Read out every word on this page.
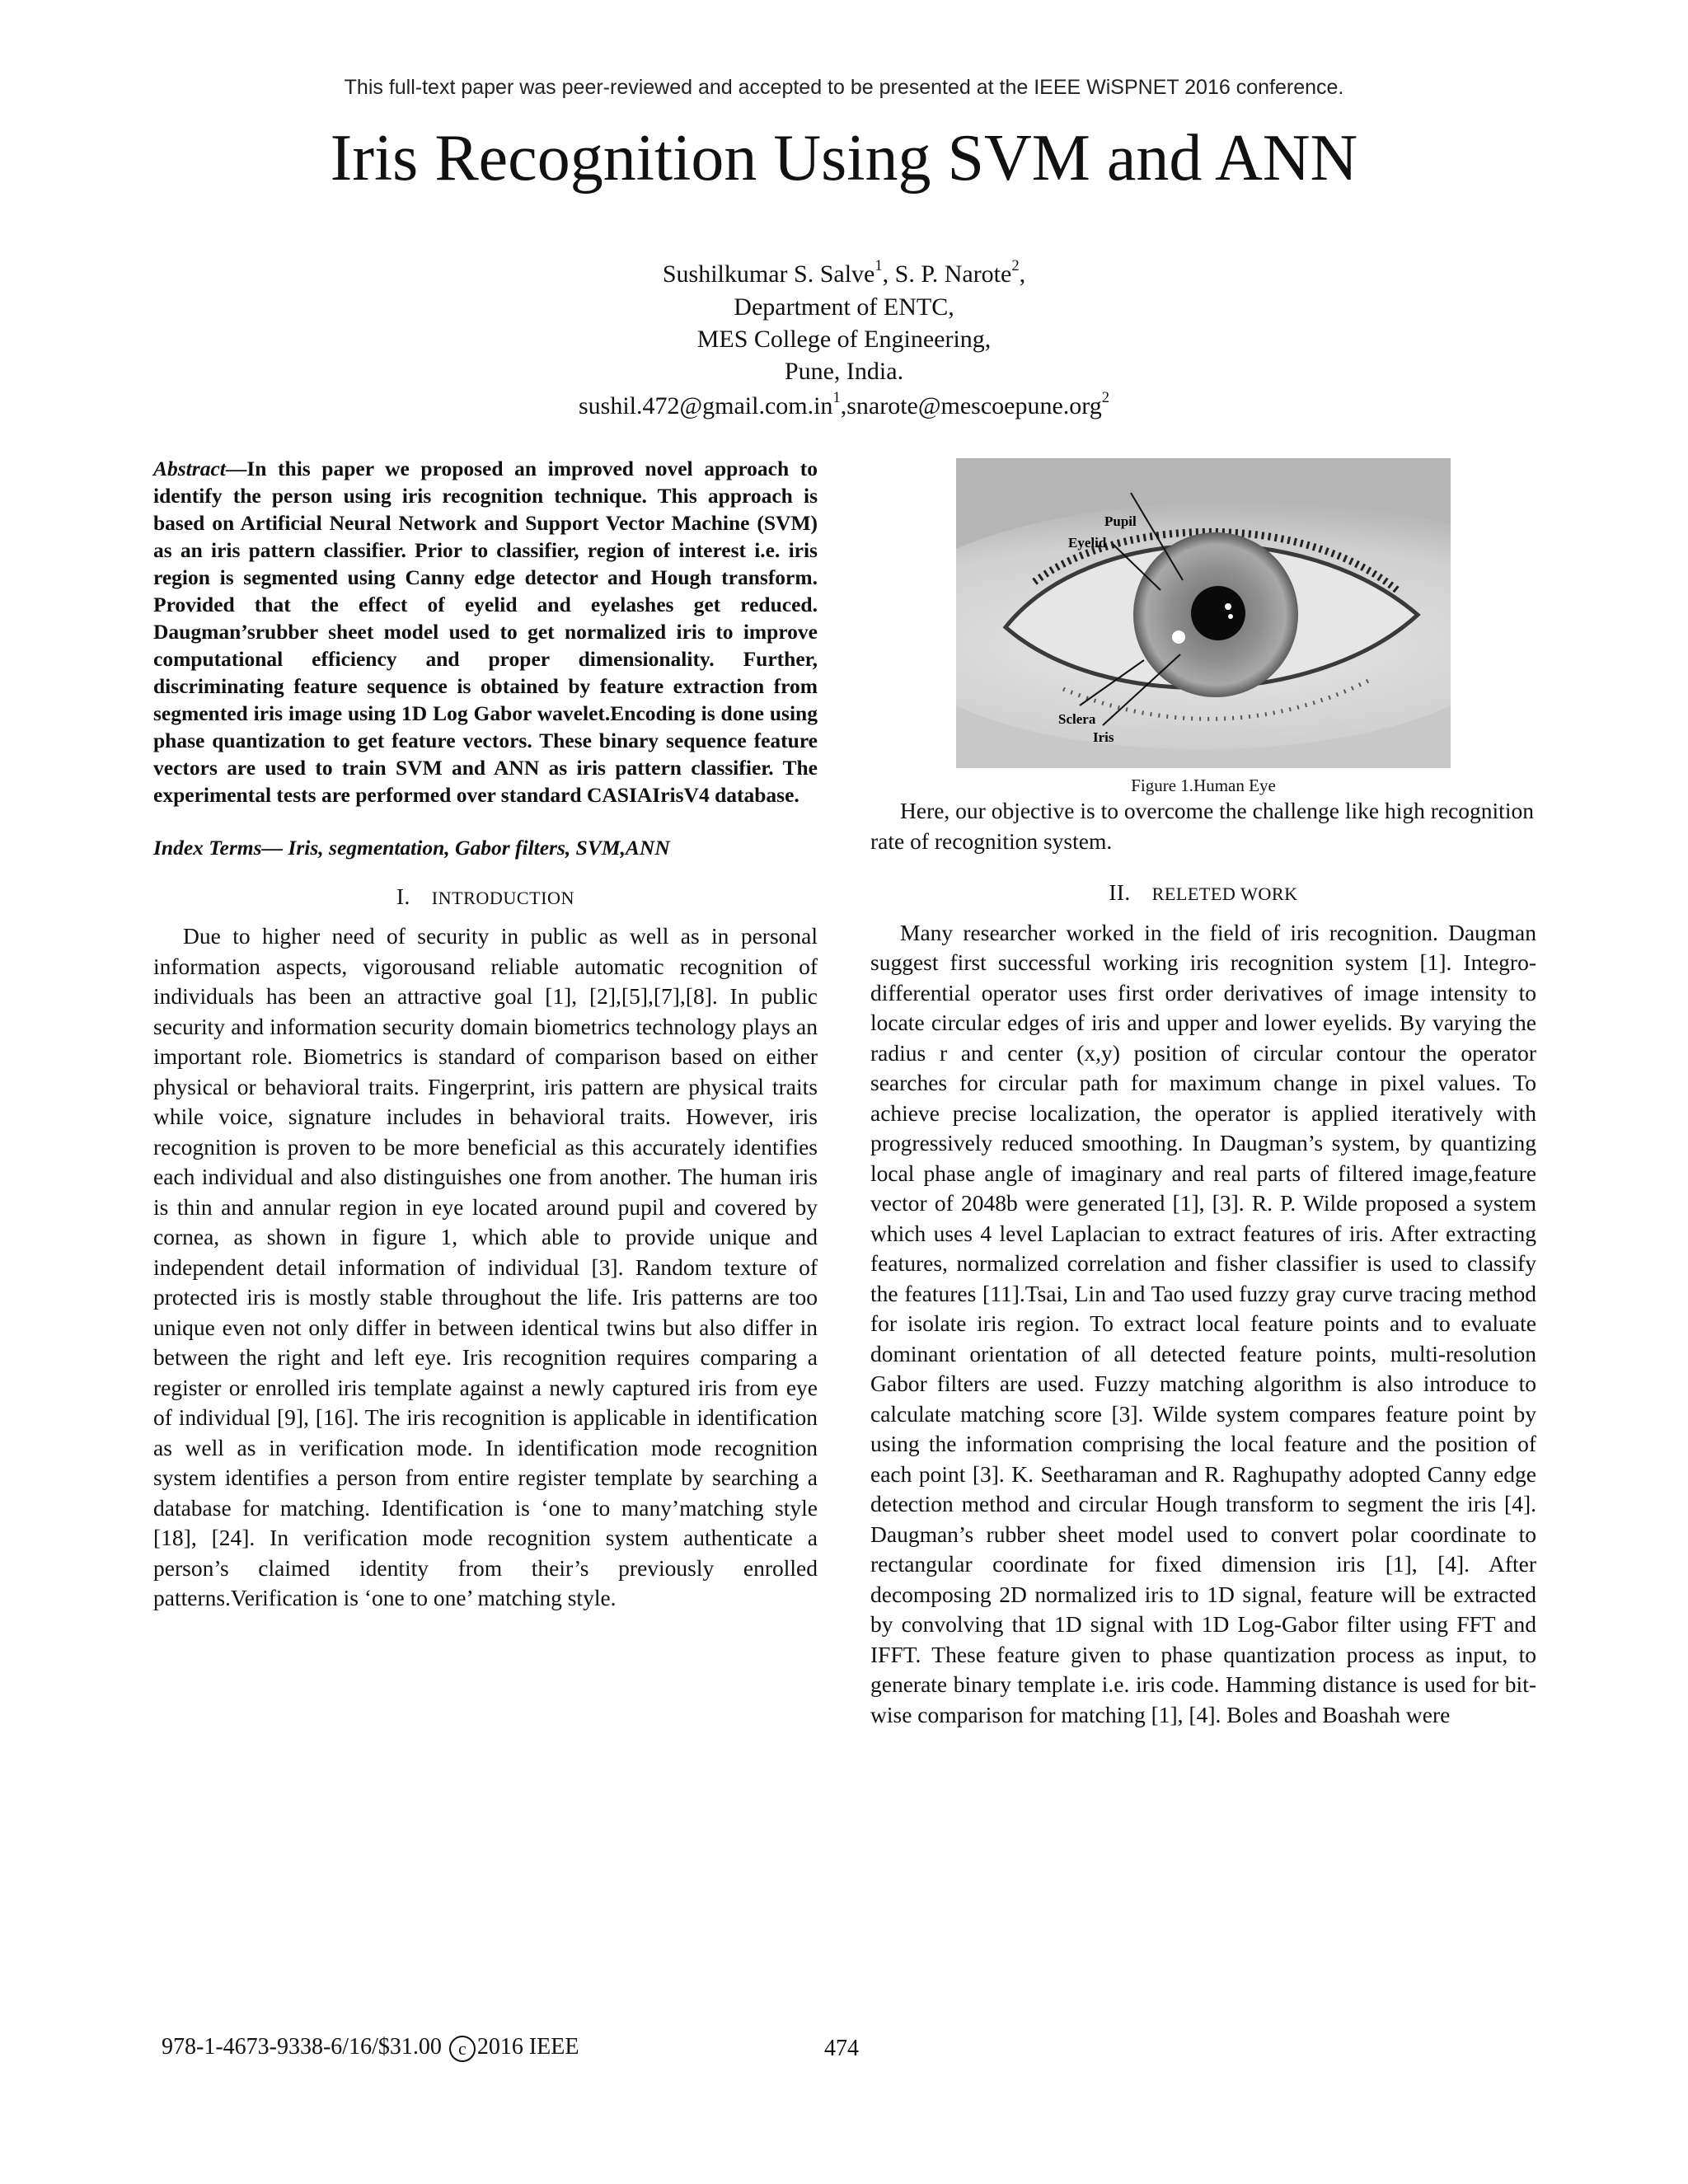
This full-text paper was peer-reviewed and accepted to be presented at the IEEE WiSPNET 2016 conference.
Iris Recognition Using SVM and ANN
Sushilkumar S. Salve$^1$, S. P. Narote$^2$,
Department of ENTC,
MES College of Engineering,
Pune, India.
$sushil.472@gmail.com.in^1,snarote@mescoepune.org^2$

Abstract—In this paper we proposed an improved novel approach to identify the person using iris recognition technique. This approach is based on Artificial Neural Network and Support Vector Machine (SVM) as an iris pattern classifier. Prior to classifier, region of interest i.e. iris region is segmented using Canny edge detector and Hough transform. Provided that the effect of eyelid and eyelashes get reduced. Daugman’srubber sheet model used to get normalized iris to improve computational efficiency and proper dimensionality. Further, discriminating feature sequence is obtained by feature extraction from segmented iris image using 1D Log Gabor wavelet.Encoding is done using phase quantization to get feature vectors. These binary sequence feature vectors are used to train SVM and ANN as iris pattern classifier. The experimental tests are performed over standard CASIAIrisV4 database.

Index Terms— Iris, segmentation, Gabor filters, SVM,ANN

I. INTRODUCTION

Due to higher need of security in public as well as in personal information aspects, vigorousand reliable automatic recognition of individuals has been an attractive goal [1], [2],[5],[7],[8]. In public security and information security domain biometrics technology plays an important role. Biometrics is standard of comparison based on either physical or behavioral traits. Fingerprint, iris pattern are physical traits while voice, signature includes in behavioral traits. However, iris recognition is proven to be more beneficial as this accurately identifies each individual and also distinguishes one from another. The human iris is thin and annular region in eye located around pupil and covered by cornea, as shown in figure 1, which able to provide unique and independent detail information of individual [3]. Random texture of protected iris is mostly stable throughout the life. Iris patterns are too unique even not only differ in between identical twins but also differ in between the right and left eye. Iris recognition requires comparing a register or enrolled iris template against a newly captured iris from eye of individual [9], [16]. The iris recognition is applicable in identification as well as in verification mode. In identification mode recognition system identifies a person from entire register template by searching a database for matching. Identification is ‘one to many’matching style [18], [24]. In verification mode recognition system authenticate a person’s claimed identity from their’s previously enrolled patterns.Verification is ‘one to one’ matching style.

Pupil
Eyelid
Sclera
Iris

Figure 1.Human Eye

Here, our objective is to overcome the challenge like high recognition rate of recognition system.

II. RELETED WORK

Many researcher worked in the field of iris recognition. Daugman suggest first successful working iris recognition system [1]. Integro-differential operator uses first order derivatives of image intensity to locate circular edges of iris and upper and lower eyelids. By varying the radius r and center (x,y) position of circular contour the operator searches for circular path for maximum change in pixel values. To achieve precise localization, the operator is applied iteratively with progressively reduced smoothing. In Daugman’s system, by quantizing local phase angle of imaginary and real parts of filtered image,feature vector of 2048b were generated [1], [3]. R. P. Wilde proposed a system which uses 4 level Laplacian to extract features of iris. After extracting features, normalized correlation and fisher classifier is used to classify the features [11].Tsai, Lin and Tao used fuzzy gray curve tracing method for isolate iris region. To extract local feature points and to evaluate dominant orientation of all detected feature points, multi-resolution Gabor filters are used. Fuzzy matching algorithm is also introduce to calculate matching score [3]. Wilde system compares feature point by using the information comprising the local feature and the position of each point [3]. K. Seetharaman and R. Raghupathy adopted Canny edge detection method and circular Hough transform to segment the iris [4]. Daugman’s rubber sheet model used to convert polar coordinate to rectangular coordinate for fixed dimension iris [1], [4]. After decomposing 2D normalized iris to 1D signal, feature will be extracted by convolving that 1D signal with 1D Log-Gabor filter using FFT and IFFT. These feature given to phase quantization process as input, to generate binary template i.e. iris code. Hamming distance is used for bit-wise comparison for matching [1], [4]. Boles and Boashah were

978-1-4673-9338-6/16/$31.00 c 2016 IEEE	474
